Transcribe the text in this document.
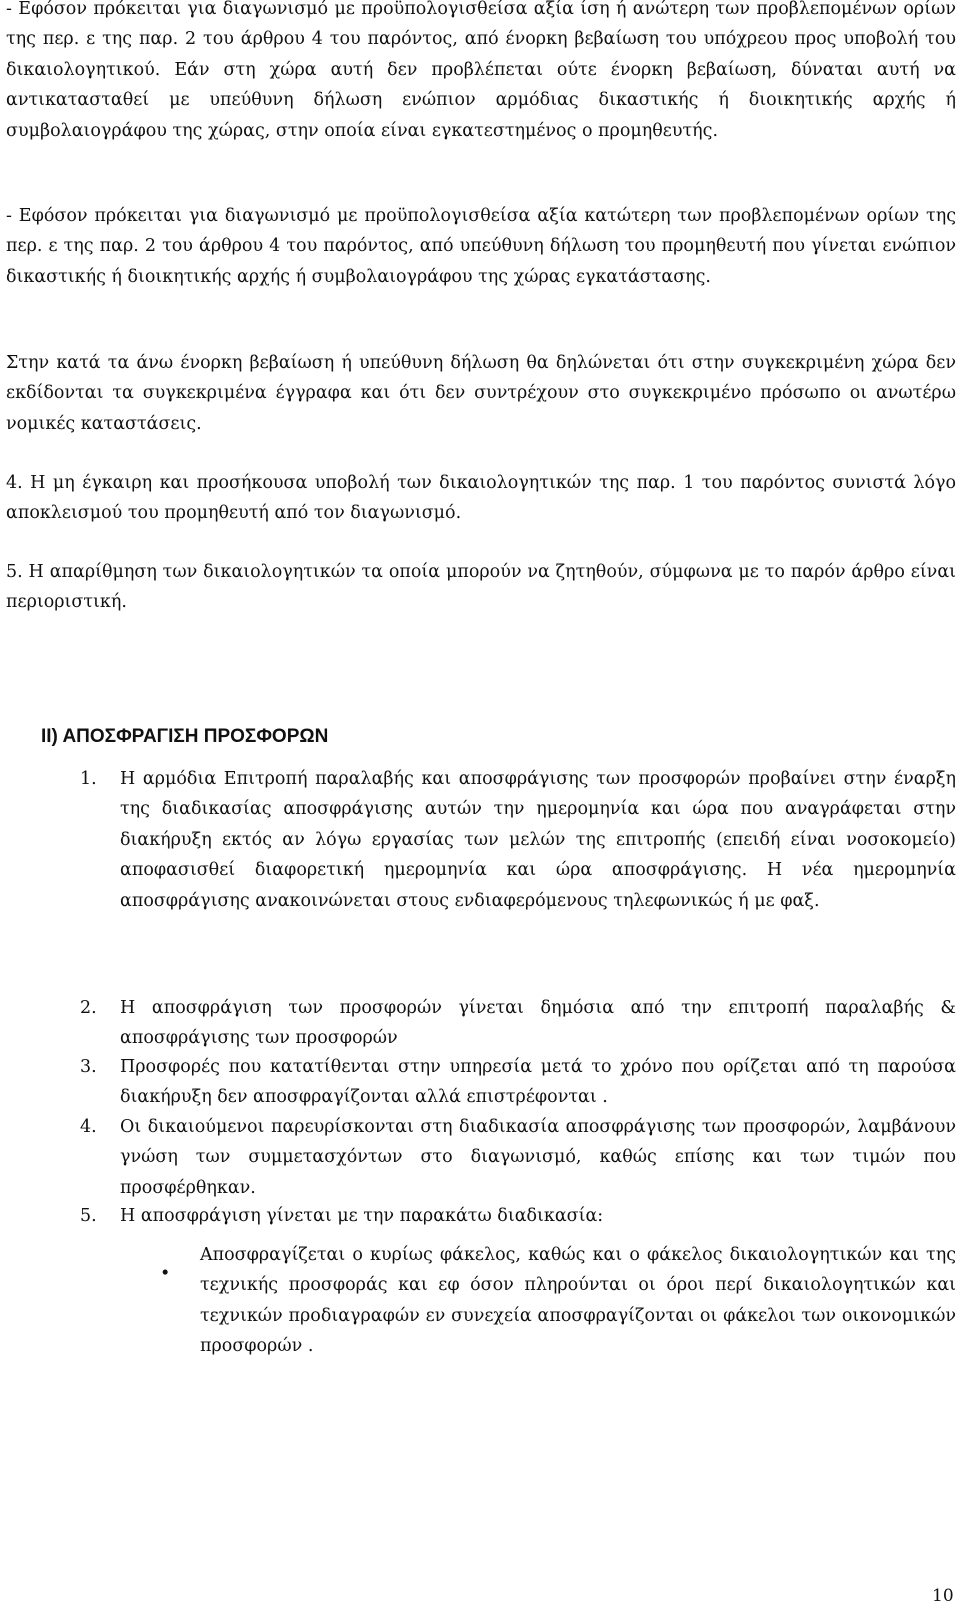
- Εφόσον πρόκειται για διαγωνισμό με προϋπολογισθείσα αξία ίση ή ανώτερη των προβλεπομένων ορίων της περ. ε της παρ. 2 του άρθρου 4 του παρόντος, από ένορκη βεβαίωση του υπόχρεου προς υποβολή του δικαιολογητικού. Εάν στη χώρα αυτή δεν προβλέπεται ούτε ένορκη βεβαίωση, δύναται αυτή να αντικατασταθεί με υπεύθυνη δήλωση ενώπιον αρμόδιας δικαστικής ή διοικητικής αρχής ή συμβολαιογράφου της χώρας, στην οποία είναι εγκατεστημένος ο προμηθευτής.

- Εφόσον πρόκειται για διαγωνισμό με προϋπολογισθείσα αξία κατώτερη των προβλεπομένων ορίων της περ. ε της παρ. 2 του άρθρου 4 του παρόντος, από υπεύθυνη δήλωση του προμηθευτή που γίνεται ενώπιον δικαστικής ή διοικητικής αρχής ή συμβολαιογράφου της χώρας εγκατάστασης.

Στην κατά τα άνω ένορκη βεβαίωση ή υπεύθυνη δήλωση θα δηλώνεται ότι στην συγκεκριμένη χώρα δεν εκδίδονται τα συγκεκριμένα έγγραφα και ότι δεν συντρέχουν στο συγκεκριμένο πρόσωπο οι ανωτέρω νομικές καταστάσεις.

4. Η μη έγκαιρη και προσήκουσα υποβολή των δικαιολογητικών της παρ. 1 του παρόντος συνιστά λόγο αποκλεισμού του προμηθευτή από τον διαγωνισμό.

5. Η απαρίθμηση των δικαιολογητικών τα οποία μπορούν να ζητηθούν, σύμφωνα με το παρόν άρθρο είναι περιοριστική.

ΙΙ) ΑΠΟΣΦΡΑΓΙΣΗ ΠΡΟΣΦΟΡΩΝ
1. Η αρμόδια Επιτροπή παραλαβής και αποσφράγισης των προσφορών προβαίνει στην έναρξη της διαδικασίας αποσφράγισης αυτών την ημερομηνία και ώρα που αναγράφεται στην διακήρυξη εκτός αν λόγω εργασίας των μελών της επιτροπής (επειδή είναι νοσοκομείο) αποφασισθεί διαφορετική ημερομηνία και ώρα αποσφράγισης. Η νέα ημερομηνία αποσφράγισης ανακοινώνεται στους ενδιαφερόμενους τηλεφωνικώς ή με φαξ.

2. Η αποσφράγιση των προσφορών γίνεται δημόσια από την επιτροπή παραλαβής & αποσφράγισης των προσφορών

3. Προσφορές που κατατίθενται στην υπηρεσία μετά το χρόνο που ορίζεται από τη παρούσα διακήρυξη δεν αποσφραγίζονται αλλά επιστρέφονται .

4. Οι δικαιούμενοι παρευρίσκονται στη διαδικασία αποσφράγισης των προσφορών, λαμβάνουν γνώση των συμμετασχόντων στο διαγωνισμό, καθώς επίσης και των τιμών που προσφέρθηκαν.

5. Η αποσφράγιση γίνεται με την παρακάτω διαδικασία:

•

Αποσφραγίζεται ο κυρίως φάκελος, καθώς και ο φάκελος δικαιολογητικών και της τεχνικής προσφοράς και εφ όσον πληρούνται οι όροι περί δικαιολογητικών και τεχνικών προδιαγραφών εν συνεχεία αποσφραγίζονται οι φάκελοι των οικονομικών προσφορών .

10
